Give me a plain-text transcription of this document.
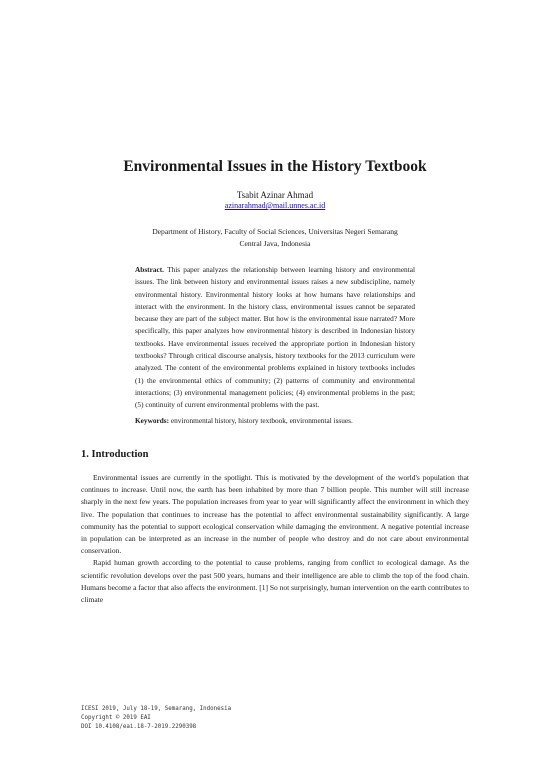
Environmental Issues in the History Textbook
Tsabit Azinar Ahmad
azinarahmad@mail.unnes.ac.id
Department of History, Faculty of Social Sciences, Universitas Negeri Semarang
Central Java, Indonesia
Abstract. This paper analyzes the relationship between learning history and environmental issues. The link between history and environmental issues raises a new subdiscipline, namely environmental history. Environmental history looks at how humans have relationships and interact with the environment. In the history class, environmental issues cannot be separated because they are part of the subject matter. But how is the environmental issue narrated? More specifically, this paper analyzes how environmental history is described in Indonesian history textbooks. Have environmental issues received the appropriate portion in Indonesian history textbooks? Through critical discourse analysis, history textbooks for the 2013 curriculum were analyzed. The content of the environmental problems explained in history textbooks includes (1) the environmental ethics of community; (2) patterns of community and environmental interactions; (3) environmental management policies; (4) environmental problems in the past; (5) continuity of current environmental problems with the past.
Keywords: environmental history, history textbook, environmental issues.
1. Introduction

Environmental issues are currently in the spotlight. This is motivated by the development of the world's population that continues to increase. Until now, the earth has been inhabited by more than 7 billion people. This number will still increase sharply in the next few years. The population increases from year to year will significantly affect the environment in which they live. The population that continues to increase has the potential to affect environmental sustainability significantly. A large community has the potential to support ecological conservation while damaging the environment. A negative potential increase in population can be interpreted as an increase in the number of people who destroy and do not care about environmental conservation.

Rapid human growth according to the potential to cause problems, ranging from conflict to ecological damage. As the scientific revolution develops over the past 500 years, humans and their intelligence are able to climb the top of the food chain. Humans become a factor that also affects the environment. [1] So not surprisingly, human intervention on the earth contributes to climate

ICESI 2019, July 18-19, Semarang, Indonesia
Copyright © 2019 EAI
DOI 10.4108/eai.18-7-2019.2290398
